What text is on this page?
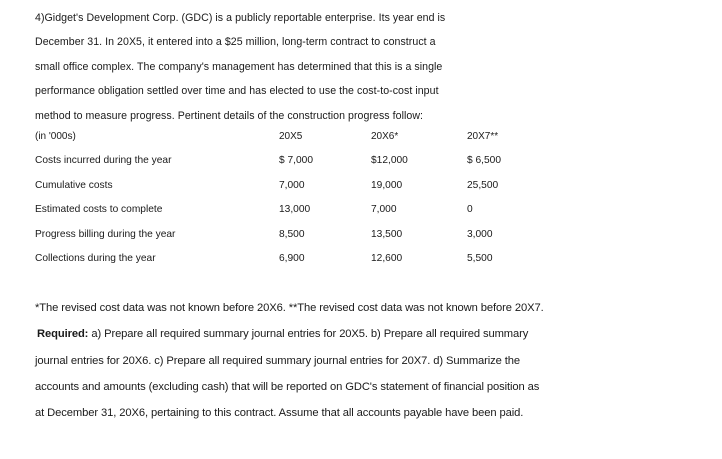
4)Gidget's Development Corp. (GDC) is a publicly reportable enterprise. Its year end is
December 31. In 20X5, it entered into a $25 million, long-term contract to construct a
small office complex. The company's management has determined that this is a single
performance obligation settled over time and has elected to use the cost-to-cost input
method to measure progress. Pertinent details of the construction progress follow:
(in '000s)	20X5	20X6*	20X7**
Costs incurred during the year	$ 7,000	$12,000	$ 6,500
Cumulative costs	7,000	19,000	25,500
Estimated costs to complete	13,000	7,000	0
Progress billing during the year	8,500	13,500	3,000
Collections during the year	6,900	12,600	5,500
*The revised cost data was not known before 20X6. **The revised cost data was not known before 20X7.
Required: a) Prepare all required summary journal entries for 20X5. b) Prepare all required summary
journal entries for 20X6. c) Prepare all required summary journal entries for 20X7. d) Summarize the
accounts and amounts (excluding cash) that will be reported on GDC's statement of financial position as
at December 31, 20X6, pertaining to this contract. Assume that all accounts payable have been paid.
